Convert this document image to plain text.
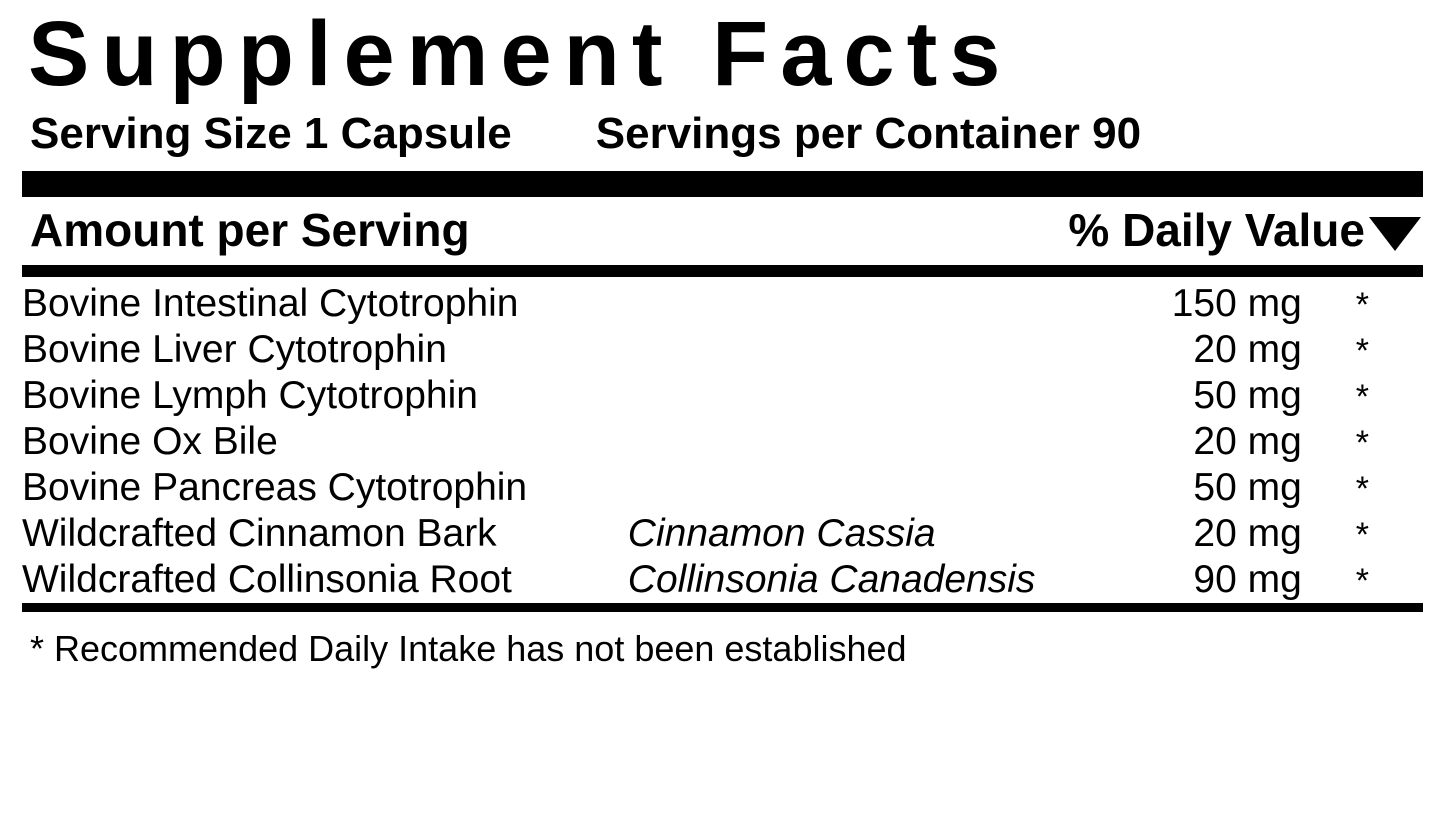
Supplement Facts
Serving Size 1 Capsule Servings per Container 90
Amount per Serving	% Daily Value
Bovine Intestinal Cytotrophin		150 mg	*
Bovine Liver Cytotrophin		20 mg	*
Bovine Lymph Cytotrophin		50 mg	*
Bovine Ox Bile		20 mg	*
Bovine Pancreas Cytotrophin		50 mg	*
Wildcrafted Cinnamon Bark	Cinnamon Cassia	20 mg	*
Wildcrafted Collinsonia Root	Collinsonia Canadensis	90 mg	*
* Recommended Daily Intake has not been established
